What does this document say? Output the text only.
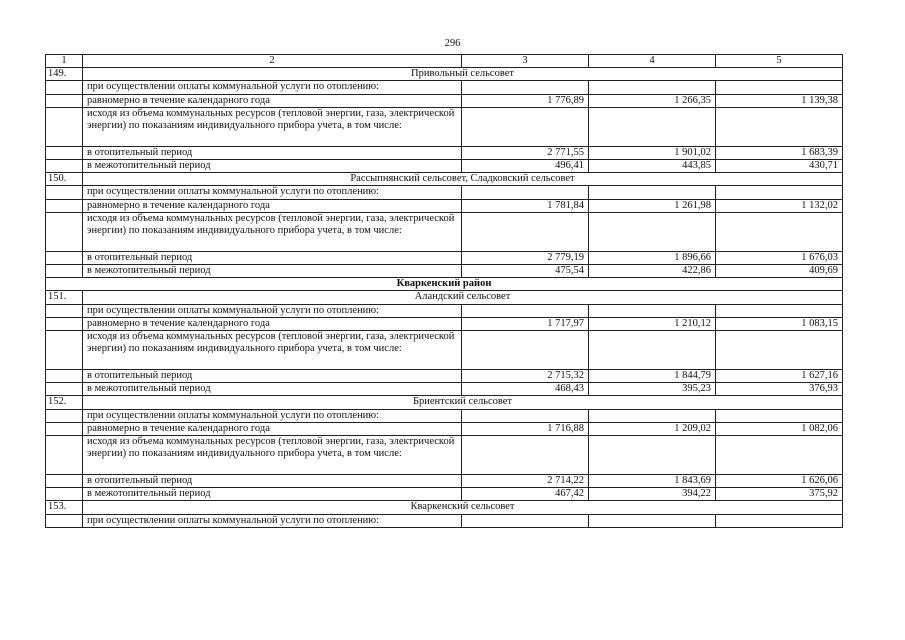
296
1	2	3	4	5
149.	Привольный сельсовет			
	при осуществлении оплаты коммунальной услуги по отоплению:			
	равномерно в течение календарного года	1 776,89	1 266,35	1 139,38
	исходя из объема коммунальных ресурсов (тепловой энергии, газа, электрической энергии) по показаниям индивидуального прибора учета, в том числе:			
	в отопительный период	2 771,55	1 901,02	1 683,39
	в межотопительный период	496,41	443,85	430,71
150.	Рассыпнянский сельсовет, Сладковский сельсовет			
	при осуществлении оплаты коммунальной услуги по отоплению:			
	равномерно в течение календарного года	1 781,84	1 261,98	1 132,02
	исходя из объема коммунальных ресурсов (тепловой энергии, газа, электрической энергии) по показаниям индивидуального прибора учета, в том числе:			
	в отопительный период	2 779,19	1 896,66	1 676,03
	в межотопительный период	475,54	422,86	409,69
Кваркенский район				
151.	Аландский сельсовет			
	при осуществлении оплаты коммунальной услуги по отоплению:			
	равномерно в течение календарного года	1 717,97	1 210,12	1 083,15
	исходя из объема коммунальных ресурсов (тепловой энергии, газа, электрической энергии) по показаниям индивидуального прибора учета, в том числе:			
	в отопительный период	2 715,32	1 844,79	1 627,16
	в межотопительный период	468,43	395,23	376,93
152.	Бриентский сельсовет			
	при осуществлении оплаты коммунальной услуги по отоплению:			
	равномерно в течение календарного года	1 716,88	1 209,02	1 082,06
	исходя из объема коммунальных ресурсов (тепловой энергии, газа, электрической энергии) по показаниям индивидуального прибора учета, в том числе:			
	в отопительный период	2 714,22	1 843,69	1 626,06
	в межотопительный период	467,42	394,22	375,92
153.	Кваркенский сельсовет			
	при осуществлении оплаты коммунальной услуги по отоплению:			
